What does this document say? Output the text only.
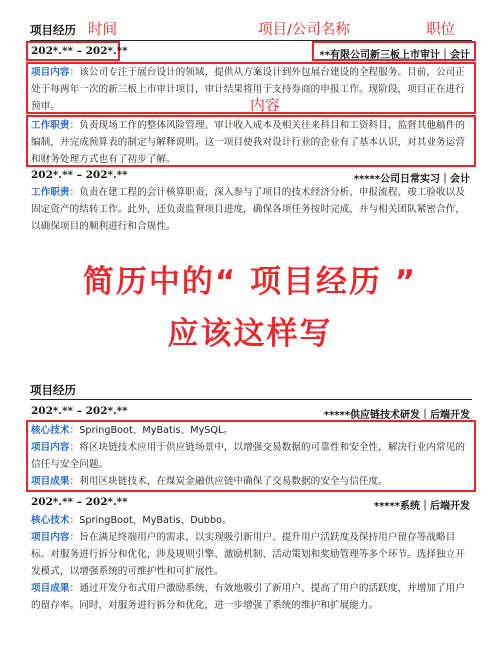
项目经历 时间	项目/公司名称	职位
202*.** – 202*.**	**有限公司新三板上市审计｜会计
内容
项目内容：该公司专注于展台设计的领域，提供从方案设计到外包展台建设的全程服务。目前，公司正处于每两年一次的新三板上市审计项目，审计结果将用于支持券商的申报工作。现阶段，项目正在进行预审。
工作职责：负责现场工作的整体风险管理、审计收入成本及相关往来科目和工资科目，监督其他稿件的编制，并完成预算表的制定与解释说明。这一项目使我对设计行业的企业有了基本认识，对其业务运营和财务处理方式也有了初步了解。
202*.** – 202*.**	*****公司日常实习｜会计
工作职责：负责在建工程的会计核算职责，深入参与了项目的技术经济分析、申报流程、竣工验收以及固定资产的结转工作。此外，还负责监督项目进度，确保各项任务按时完成，并与相关团队紧密合作，以确保项目的顺利进行和合规性。
简历中的“ 项目经历 ”
应该这样写
项目经历
202*.** – 202*.**	*****供应链技术研发｜后端开发
核心技术：SpringBoot、MyBatis、MySQL。
项目内容：将区块链技术应用于供应链场景中，以增强交易数据的可靠性和安全性，解决行业内常见的信任与安全问题。
项目成果：利用区块链技术，在煤炭金融供应链中确保了交易数据的安全与信任度。
202*.** – 202*.**	*****系统｜后端开发
核心技术：SpringBoot、MyBatis、Dubbo。
项目内容：旨在满足终端用户的需求，以实现吸引新用户、提升用户活跃度及保持用户留存等战略目标。对服务进行拆分和优化，涉及规则引擎、激励机制、活动策划和奖励管理等多个环节。选择独立开发模式，以增强系统的可维护性和可扩展性。
项目成果：通过开发分布式用户激励系统，有效地吸引了新用户、提高了用户的活跃度，并增加了用户的留存率。同时，对服务进行拆分和优化，进一步增强了系统的维护和扩展能力。
